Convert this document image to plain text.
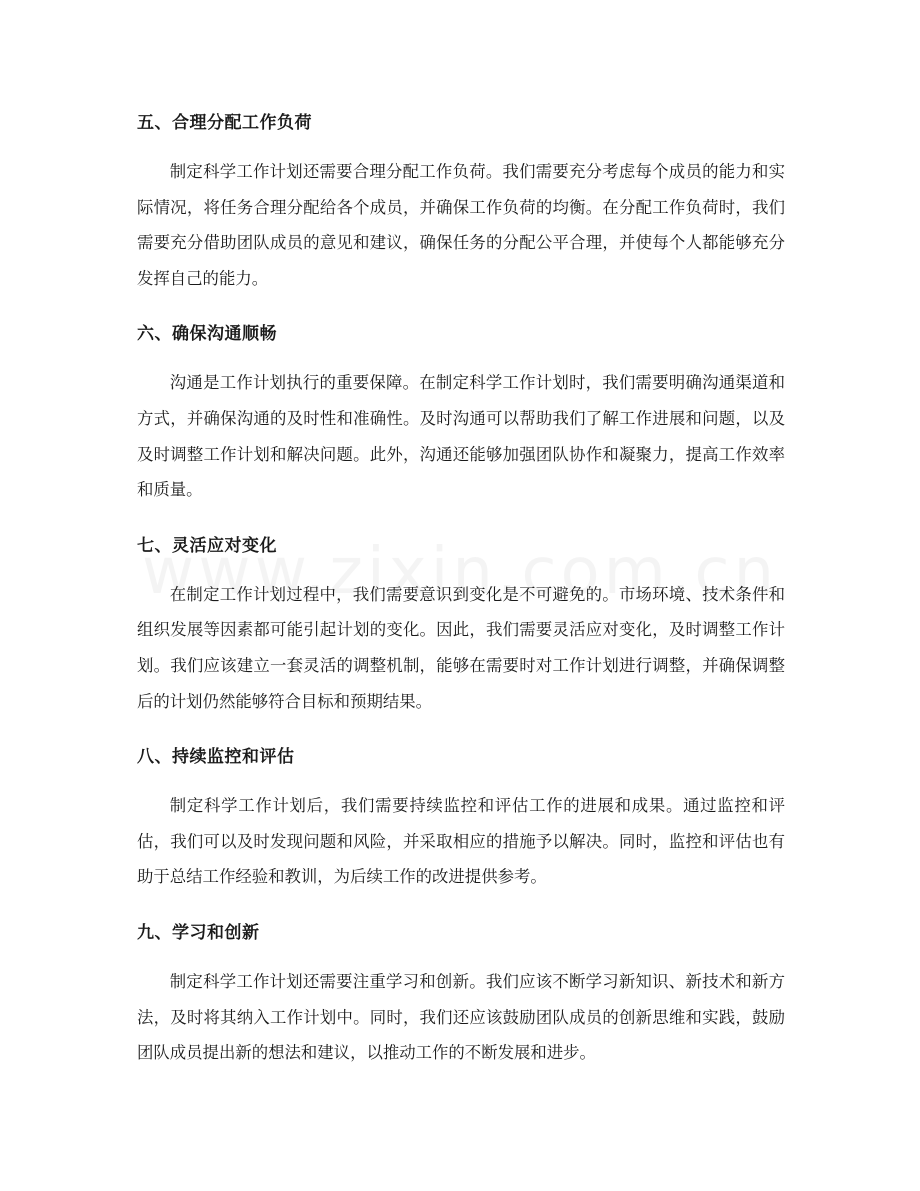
五、合理分配工作负荷

制定科学工作计划还需要合理分配工作负荷。我们需要充分考虑每个成员的能力和实际情况，将任务合理分配给各个成员，并确保工作负荷的均衡。在分配工作负荷时，我们需要充分借助团队成员的意见和建议，确保任务的分配公平合理，并使每个人都能够充分发挥自己的能力。

六、确保沟通顺畅

沟通是工作计划执行的重要保障。在制定科学工作计划时，我们需要明确沟通渠道和方式，并确保沟通的及时性和准确性。及时沟通可以帮助我们了解工作进展和问题，以及及时调整工作计划和解决问题。此外，沟通还能够加强团队协作和凝聚力，提高工作效率和质量。

七、灵活应对变化

在制定工作计划过程中，我们需要意识到变化是不可避免的。市场环境、技术条件和组织发展等因素都可能引起计划的变化。因此，我们需要灵活应对变化，及时调整工作计划。我们应该建立一套灵活的调整机制，能够在需要时对工作计划进行调整，并确保调整后的计划仍然能够符合目标和预期结果。

八、持续监控和评估

制定科学工作计划后，我们需要持续监控和评估工作的进展和成果。通过监控和评估，我们可以及时发现问题和风险，并采取相应的措施予以解决。同时，监控和评估也有助于总结工作经验和教训，为后续工作的改进提供参考。

九、学习和创新

制定科学工作计划还需要注重学习和创新。我们应该不断学习新知识、新技术和新方法，及时将其纳入工作计划中。同时，我们还应该鼓励团队成员的创新思维和实践，鼓励团队成员提出新的想法和建议，以推动工作的不断发展和进步。
